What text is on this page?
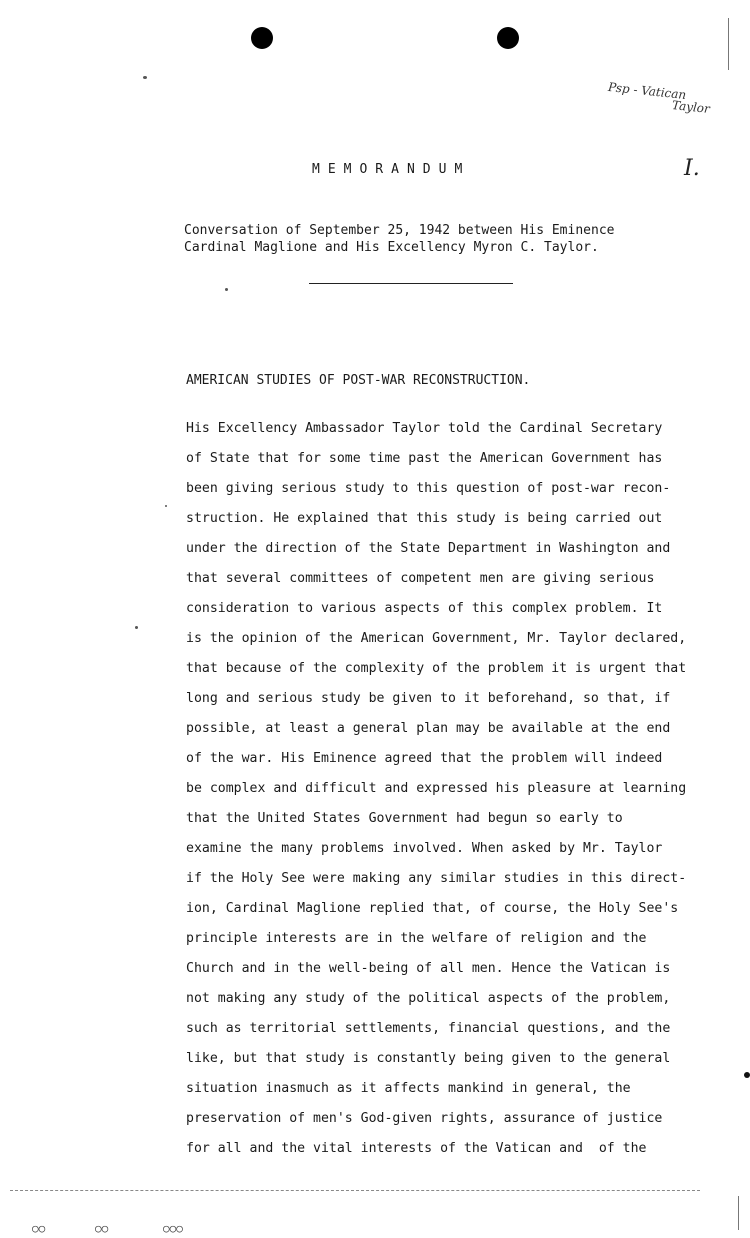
Psp - Vatican
Taylor
I.
MEMORANDUM
Conversation of September 25, 1942 between His Eminence
Cardinal Maglione and His Excellency Myron C. Taylor.
AMERICAN STUDIES OF POST-WAR RECONSTRUCTION.
His Excellency Ambassador Taylor told the Cardinal Secretary
of State that for some time past the American Government has
been giving serious study to this question of post-war recon-
struction. He explained that this study is being carried out
under the direction of the State Department in Washington and
that several committees of competent men are giving serious
consideration to various aspects of this complex problem. It
is the opinion of the American Government, Mr. Taylor declared,
that because of the complexity of the problem it is urgent that
long and serious study be given to it beforehand, so that, if
possible, at least a general plan may be available at the end
of the war. His Eminence agreed that the problem will indeed
be complex and difficult and expressed his pleasure at learning
that the United States Government had begun so early to
examine the many problems involved. When asked by Mr. Taylor
if the Holy See were making any similar studies in this direct-
ion, Cardinal Maglione replied that, of course, the Holy See's
principle interests are in the welfare of religion and the
Church and in the well-being of all men. Hence the Vatican is
not making any study of the political aspects of the problem,
such as territorial settlements, financial questions, and the
like, but that study is constantly being given to the general
situation inasmuch as it affects mankind in general, the
preservation of men's God-given rights, assurance of justice
for all and the vital interests of the Vatican and  of the
○○	○○	○○○
